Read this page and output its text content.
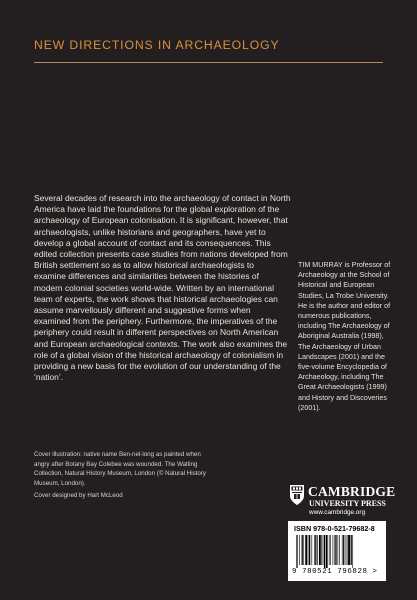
NEW DIRECTIONS IN ARCHAEOLOGY
Several decades of research into the archaeology of contact in North
America have laid the foundations for the global exploration of the
archaeology of European colonisation. It is significant, however, that
archaeologists, unlike historians and geographers, have yet to
develop a global account of contact and its consequences. This
edited collection presents case studies from nations developed from
British settlement so as to allow historical archaeologists to
examine differences and similarities between the histories of
modern colonial societies world-wide. Written by an international
team of experts, the work shows that historical archaeologies can
assume marvellously different and suggestive forms when
examined from the periphery. Furthermore, the imperatives of the
periphery could result in different perspectives on North American
and European archaeological contexts. The work also examines the
role of a global vision of the historical archaeology of colonialism in
providing a new basis for the evolution of our understanding of the
‘nation’.
TIM MURRAY is Professor of
Archaeology at the School of
Historical and European
Studies, La Trobe University.
He is the author and editor of
numerous publications,
including The Archaeology of
Aboriginal Australia (1998),
The Archaeology of Urban
Landscapes (2001) and the
five-volume Encyclopedia of
Archaeology, including The
Great Archaeologists (1999)
and History and Discoveries
(2001).
Cover illustration: native name Ben-nel-long as painted when
angry after Botany Bay Colebee was wounded. The Watling
Collection, Natural History Museum, London (© Natural History
Museum, London).
Cover designed by Hart McLeod	CAMBRIDGE
UNIVERSITY PRESS
www.cambridge.org
ISBN 978-0-521-79682-8
9 780521 796828 >
